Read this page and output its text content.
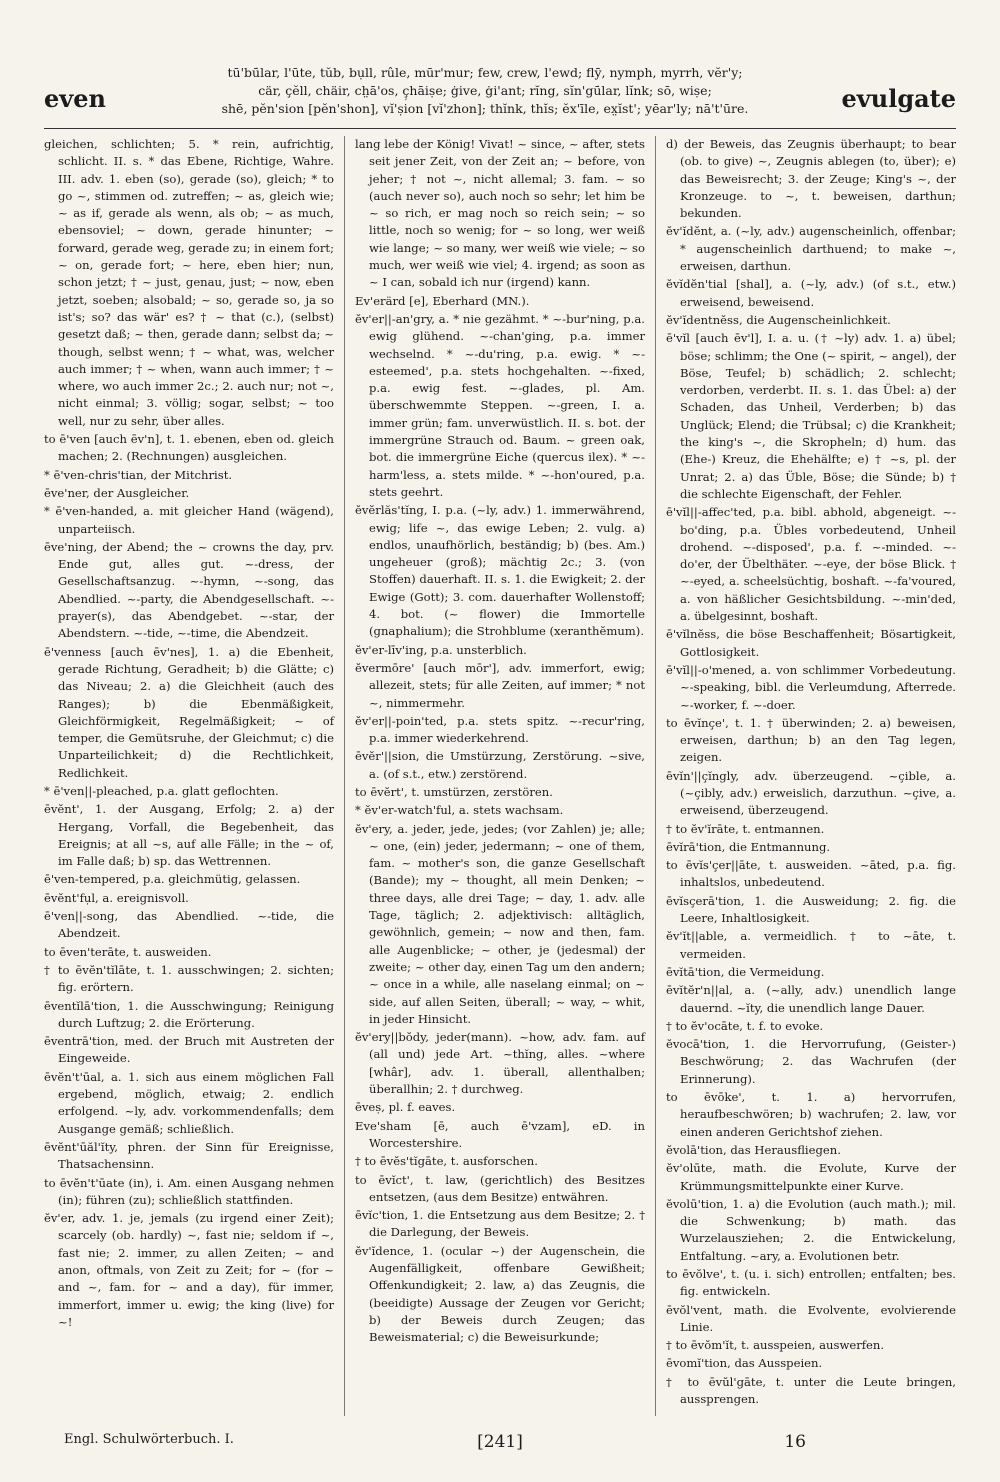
even
tū'bū̇lar, l'ūte, tŭb, bụll, rûle, mūr'mur; few, crew, l'ewd; flȳ, nymph, myrrh, vĕr'y;
cär, çĕll, chäir, ch̤ā'os, ç̦hāiṣe; ġive, ġi'ant; rĭng, sĭn'gū̇lar, lĭnk; sō, wiṣe;
shē, pĕn'sion [pĕn'shon], vĭ'ṣion [vĭ'zhon]; thĭnk, thĭs; ĕx'īle, ex̤ĭst'; yēar'ly; nā't'ūre.	evulgate

gleichen, schlichten; 5. * rein, aufrichtig, schlicht. II. s. * das Ebene, Richtige, Wahre. III. adv. 1. eben (so), gerade (so), gleich; * to go ~, stimmen od. zutreffen; ~ as, gleich wie; ~ as if, gerade als wenn, als ob; ~ as much, ebensoviel; ~ down, gerade hinunter; ~ forward, gerade weg, gerade zu; in einem fort; ~ on, gerade fort; ~ here, eben hier; nun, schon jetzt; † ~ just, genau, just; ~ now, eben jetzt, soeben; alsobald; ~ so, gerade so, ja so ist's; so? das wär' es? † ~ that (c.), (selbst) gesetzt daß; ~ then, gerade dann; selbst da; ~ though, selbst wenn; † ~ what, was, welcher auch immer; † ~ when, wann auch immer; † ~ where, wo auch immer 2c.; 2. auch nur; not ~, nicht einmal; 3. völlig; sogar, selbst; ~ too well, nur zu sehr, über alles.

to ē'ven [auch ēv'n], t. 1. ebenen, eben od. gleich machen; 2. (Rechnungen) ausgleichen.

* ē'ven-chris'tian, der Mitchrist.

ēve'ner, der Ausgleicher.

* ē'ven-handed, a. mit gleicher Hand (wägend), unparteiisch.

ēve'ning, der Abend; the ~ crowns the day, prv. Ende gut, alles gut. ~-dress, der Gesellschaftsanzug. ~-hymn, ~-song, das Abendlied. ~-party, die Abendgesellschaft. ~-prayer(s), das Abendgebet. ~-star, der Abendstern. ~-tide, ~-time, die Abendzeit.

ē'venness [auch ēv'nes], 1. a) die Ebenheit, gerade Richtung, Geradheit; b) die Glätte; c) das Niveau; 2. a) die Gleichheit (auch des Ranges); b) die Ebenmäßigkeit, Gleichförmigkeit, Regelmäßigkeit; ~ of temper, die Gemütsruhe, der Gleichmut; c) die Unparteilichkeit; d) die Rechtlichkeit, Redlichkeit.

* ē'ven||-pleached, p.a. glatt geflochten.

ēvĕnt', 1. der Ausgang, Erfolg; 2. a) der Hergang, Vorfall, die Begebenheit, das Ereignis; at all ~s, auf alle Fälle; in the ~ of, im Falle daß; b) sp. das Wettrennen.

ē'ven-tempered, p.a. gleichmütig, gelassen.

ēvĕnt'fụl, a. ereignisvoll.

ē'ven||-song, das Abendlied. ~-tide, die Abendzeit.

to ēven'terāte, t. ausweiden.

† to ēvĕn'tĭlāte, t. 1. ausschwingen; 2. sichten; fig. erörtern.

ēventĭlā'tion, 1. die Ausschwingung; Reinigung durch Luftzug; 2. die Erörterung.

ēventrā'tion, med. der Bruch mit Austreten der Eingeweide.

ēvĕn't'ūal, a. 1. sich aus einem möglichen Fall ergebend, möglich, etwaig; 2. endlich erfolgend. ~ly, adv. vorkommendenfalls; dem Ausgange gemäß; schließlich.

ēvĕnt'ūăl'ĭty, phren. der Sinn für Ereignisse, Thatsachensinn.

to ēvĕn't'ūate (in), i. Am. einen Ausgang nehmen (in); führen (zu); schließlich stattfinden.

ĕv'er, adv. 1. je, jemals (zu irgend einer Zeit); scarcely (ob. hardly) ~, fast nie; seldom if ~, fast nie; 2. immer, zu allen Zeiten; ~ and anon, oftmals, von Zeit zu Zeit; for ~ (for ~ and ~, fam. for ~ and a day), für immer, immerfort, immer u. ewig; the king (live) for ~!

lang lebe der König! Vivat! ~ since, ~ after, stets seit jener Zeit, von der Zeit an; ~ before, von jeher; † not ~, nicht allemal; 3. fam. ~ so (auch never so), auch noch so sehr; let him be ~ so rich, er mag noch so reich sein; ~ so little, noch so wenig; for ~ so long, wer weiß wie lange; ~ so many, wer weiß wie viele; ~ so much, wer weiß wie viel; 4. irgend; as soon as ~ I can, sobald ich nur (irgend) kann.

Ev'erärd [e], Eberhard (MN.).

ĕv'er||-an'gry, a. * nie gezähmt. * ~-bur'ning, p.a. ewig glühend. ~-chan'ging, p.a. immer wechselnd. * ~-du'ring, p.a. ewig. * ~-esteemed', p.a. stets hochgehalten. ~-fixed, p.a. ewig fest. ~-glades, pl. Am. überschwemmte Steppen. ~-green, I. a. immer grün; fam. unverwüstlich. II. s. bot. der immergrüne Strauch od. Baum. ~ green oak, bot. die immergrüne Eiche (quercus ilex). * ~-harm'less, a. stets milde. * ~-hon'oured, p.a. stets geehrt.

ĕvĕrlăs'tĭng, I. p.a. (~ly, adv.) 1. immerwährend, ewig; life ~, das ewige Leben; 2. vulg. a) endlos, unaufhörlich, beständig; b) (bes. Am.) ungeheuer (groß); mächtig 2c.; 3. (von Stoffen) dauerhaft. II. s. 1. die Ewigkeit; 2. der Ewige (Gott); 3. com. dauerhafter Wollenstoff; 4. bot. (~ flower) die Immortelle (gnaphalium); die Strohblume (xeranthĕmum).

ĕv'er-līv'ing, p.a. unsterblich.

ĕvermōre' [auch mōr'], adv. immerfort, ewig; allezeit, stets; für alle Zeiten, auf immer; * not ~, nimmermehr.

ĕv'er||-poin'ted, p.a. stets spitz. ~-recur'ring, p.a. immer wiederkehrend.

ēvĕr'||sion, die Umstürzung, Zerstörung. ~sive, a. (of s.t., etw.) zerstörend.

to ēvĕrt', t. umstürzen, zerstören.

* ĕv'er-watch'ful, a. stets wachsam.

ĕv'ery, a. jeder, jede, jedes; (vor Zahlen) je; alle; ~ one, (ein) jeder, jedermann; ~ one of them, fam. ~ mother's son, die ganze Gesellschaft (Bande); my ~ thought, all mein Denken; ~ three days, alle drei Tage; ~ day, 1. adv. alle Tage, täglich; 2. adjektivisch: alltäglich, gewöhnlich, gemein; ~ now and then, fam. alle Augenblicke; ~ other, je (jedesmal) der zweite; ~ other day, einen Tag um den andern; ~ once in a while, alle naselang einmal; on ~ side, auf allen Seiten, überall; ~ way, ~ whit, in jeder Hinsicht.

ĕv'ery||bŏdy, jeder(mann). ~how, adv. fam. auf (all und) jede Art. ~thĭng, alles. ~where [whâr], adv. 1. überall, allenthalben; überallhin; 2. † durchweg.

ēveṣ, pl. f. eaves.

Eve'sham [ē, auch ē'vzam], eD. in Worcestershire.

† to ēvĕs'tĭgāte, t. ausforschen.

to ēvĭct', t. law, (gerichtlich) des Besitzes entsetzen, (aus dem Besitze) entwähren.

ēvĭc'tion, 1. die Entsetzung aus dem Besitze; 2. † die Darlegung, der Beweis.

ĕv'ĭdence, 1. (ocular ~) der Augenschein, die Augenfälligkeit, offenbare Gewißheit; Offenkundigkeit; 2. law, a) das Zeugnis, die (beeidigte) Aussage der Zeugen vor Gericht; b) der Beweis durch Zeugen; das Beweismaterial; c) die Beweisurkunde;

d) der Beweis, das Zeugnis überhaupt; to bear (ob. to give) ~, Zeugnis ablegen (to, über); e) das Beweisrecht; 3. der Zeuge; King's ~, der Kronzeuge. to ~, t. beweisen, darthun; bekunden.

ĕv'ĭdĕnt, a. (~ly, adv.) augenscheinlich, offenbar; * augenscheinlich darthuend; to make ~, erweisen, darthun.

ĕvĭdĕn'tial [shal], a. (~ly, adv.) (of s.t., etw.) erweisend, beweisend.

ĕv'ĭdentnĕss, die Augenscheinlichkeit.

ē'vĭl [auch ēv'l], I. a. u. († ~ly) adv. 1. a) übel; böse; schlimm; the One (~ spirit, ~ angel), der Böse, Teufel; b) schädlich; 2. schlecht; verdorben, verderbt. II. s. 1. das Übel: a) der Schaden, das Unheil, Verderben; b) das Unglück; Elend; die Trübsal; c) die Krankheit; the king's ~, die Skropheln; d) hum. das (Ehe-) Kreuz, die Ehehälfte; e) † ~s, pl. der Unrat; 2. a) das Üble, Böse; die Sünde; b) † die schlechte Eigenschaft, der Fehler.

ē'vĭl||-affec'ted, p.a. bibl. abhold, abgeneigt. ~-bo'ding, p.a. Übles vorbedeutend, Unheil drohend. ~-disposed', p.a. f. ~-minded. ~-do'er, der Übelthäter. ~-eye, der böse Blick. † ~-eyed, a. scheelsüchtig, boshaft. ~-fa'voured, a. von häßlicher Gesichtsbildung. ~-min'ded, a. übelgesinnt, boshaft.

ē'vĭlnĕss, die böse Beschaffenheit; Bösartigkeit, Gottlosigkeit.

ē'vĭl||-o'mened, a. von schlimmer Vorbedeutung. ~-speaking, bibl. die Verleumdung, Afterrede. ~-worker, f. ~-doer.

to ēvĭnçe', t. 1. † überwinden; 2. a) beweisen, erweisen, darthun; b) an den Tag legen, zeigen.

ēvĭn'||çĭngly, adv. überzeugend. ~çible, a. (~çibly, adv.) erweislich, darzuthun. ~çive, a. erweisend, überzeugend.

† to ĕv'ĭrāte, t. entmannen.

ēvĭrā'tion, die Entmannung.

to ēvĭs'çer||āte, t. ausweiden. ~āted, p.a. fig. inhaltslos, unbedeutend.

ēvĭsçerā'tion, 1. die Ausweidung; 2. fig. die Leere, Inhaltlosigkeit.

ĕv'ĭt||able, a. vermeidlich. † to ~āte, t. vermeiden.

ēvĭtā'tion, die Vermeidung.

ēvĭtĕr'n||al, a. (~ally, adv.) unendlich lange dauernd. ~ĭty, die unendlich lange Dauer.

† to ĕv'ocāte, t. f. to evoke.

ĕvocā'tion, 1. die Hervorrufung, (Geister-) Beschwörung; 2. das Wachrufen (der Erinnerung).

to ēvōke', t. 1. a) hervorrufen, heraufbeschwören; b) wachrufen; 2. law, vor einen anderen Gerichtshof ziehen.

ĕvolā'tion, das Herausfliegen.

ĕv'olūte, math. die Evolute, Kurve der Krümmungsmittelpunkte einer Kurve.

ĕvolū'tion, 1. a) die Evolution (auch math.); mil. die Schwenkung; b) math. das Wurzelausziehen; 2. die Entwickelung, Entfaltung. ~ary, a. Evolutionen betr.

to ēvŏlve', t. (u. i. sich) entrollen; entfalten; bes. fig. entwickeln.

ēvŏl'vent, math. die Evolvente, evolvierende Linie.

† to ēvŏm'ĭt, t. ausspeien, auswerfen.

ēvomĭ'tion, das Ausspeien.

† to ēvŭl'gāte, t. unter die Leute bringen, aussprengen.

Engl. Schulwörterbuch. I.	[241]	16
